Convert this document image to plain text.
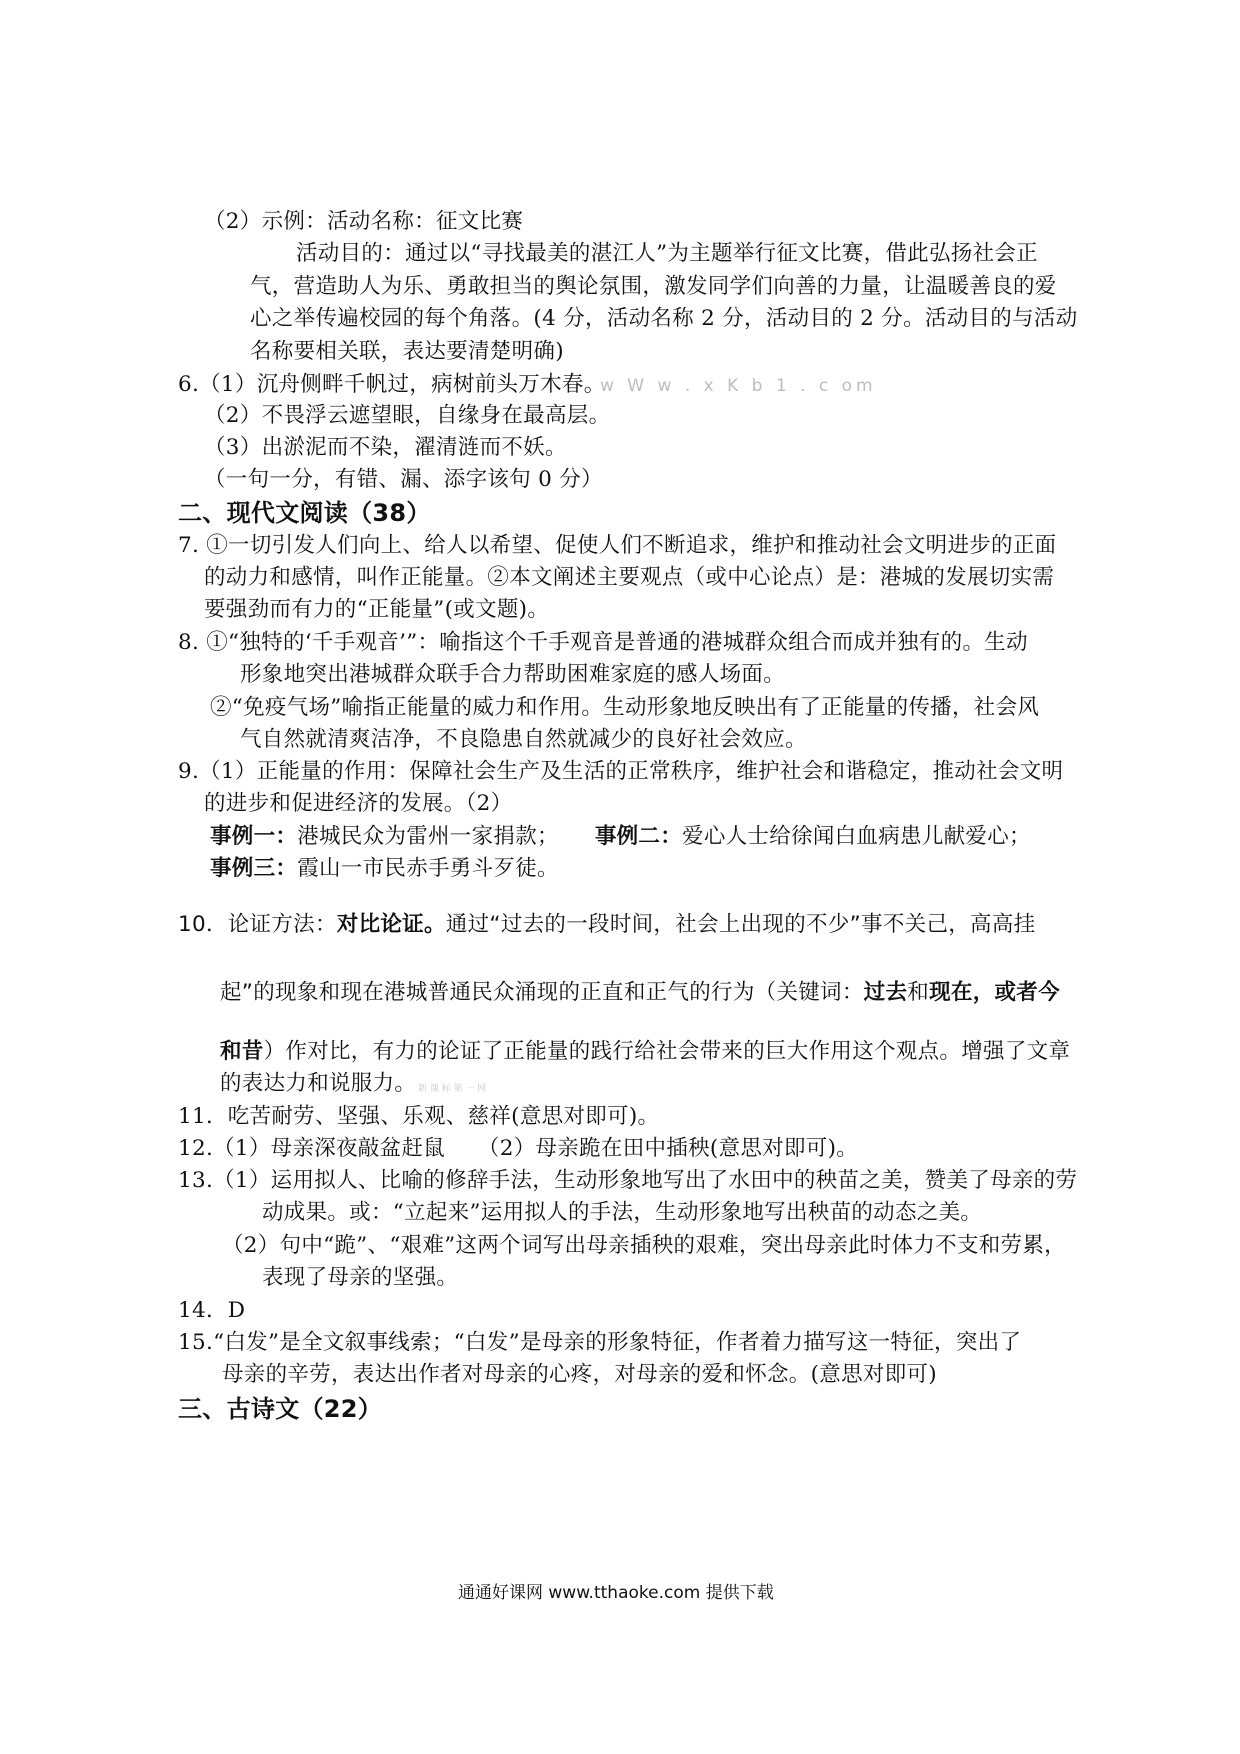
（2）示例：活动名称：征文比赛
活动目的：通过以“寻找最美的湛江人”为主题举行征文比赛，借此弘扬社会正
气，营造助人为乐、勇敢担当的舆论氛围，激发同学们向善的力量，让温暖善良的爱
心之举传遍校园的每个角落。(4 分，活动名称 2 分，活动目的 2 分。活动目的与活动
名称要相关联，表达要清楚明确)
6.（1）沉舟侧畔千帆过，病树前头万木春。
w W w . x K b 1 . c om
（2）不畏浮云遮望眼，自缘身在最高层。
（3）出淤泥而不染，濯清涟而不妖。
（一句一分，有错、漏、添字该句 0 分）
二、现代文阅读（38）
7. ①一切引发人们向上、给人以希望、促使人们不断追求，维护和推动社会文明进步的正面
的动力和感情，叫作正能量。②本文阐述主要观点（或中心论点）是：港城的发展切实需
要强劲而有力的“正能量”(或文题)。
8. ①“独特的‘千手观音’”：喻指这个千手观音是普通的港城群众组合而成并独有的。生动
形象地突出港城群众联手合力帮助困难家庭的感人场面。
②“免疫气场”喻指正能量的威力和作用。生动形象地反映出有了正能量的传播，社会风
气自然就清爽洁净，不良隐患自然就减少的良好社会效应。
9.（1）正能量的作用：保障社会生产及生活的正常秩序，维护社会和谐稳定，推动社会文明
的进步和促进经济的发展。（2）
事例一：港城民众为雷州一家捐款； 事例二：爱心人士给徐闻白血病患儿献爱心；
事例三：霞山一市民赤手勇斗歹徒。
10．论证方法：对比论证。通过“过去的一段时间，社会上出现的不少”事不关己，高高挂
起”的现象和现在港城普通民众涌现的正直和正气的行为（关键词：过去和现在，或者今
和昔）作对比，有力的论证了正能量的践行给社会带来的巨大作用这个观点。增强了文章
的表达力和说服力。 新 课 标 第 一 网
11．吃苦耐劳、坚强、乐观、慈祥(意思对即可)。
12.（1）母亲深夜敲盆赶鼠　　（2）母亲跪在田中插秧(意思对即可)。
13.（1）运用拟人、比喻的修辞手法，生动形象地写出了水田中的秧苗之美，赞美了母亲的劳
动成果。或：“立起来”运用拟人的手法，生动形象地写出秧苗的动态之美。
（2）句中“跪”、“艰难”这两个词写出母亲插秧的艰难，突出母亲此时体力不支和劳累，
表现了母亲的坚强。
14．D
15.“白发”是全文叙事线索；“白发”是母亲的形象特征，作者着力描写这一特征，突出了
母亲的辛劳，表达出作者对母亲的心疼，对母亲的爱和怀念。(意思对即可)
三、古诗文（22）
通通好课网 www.tthaoke.com 提供下载
